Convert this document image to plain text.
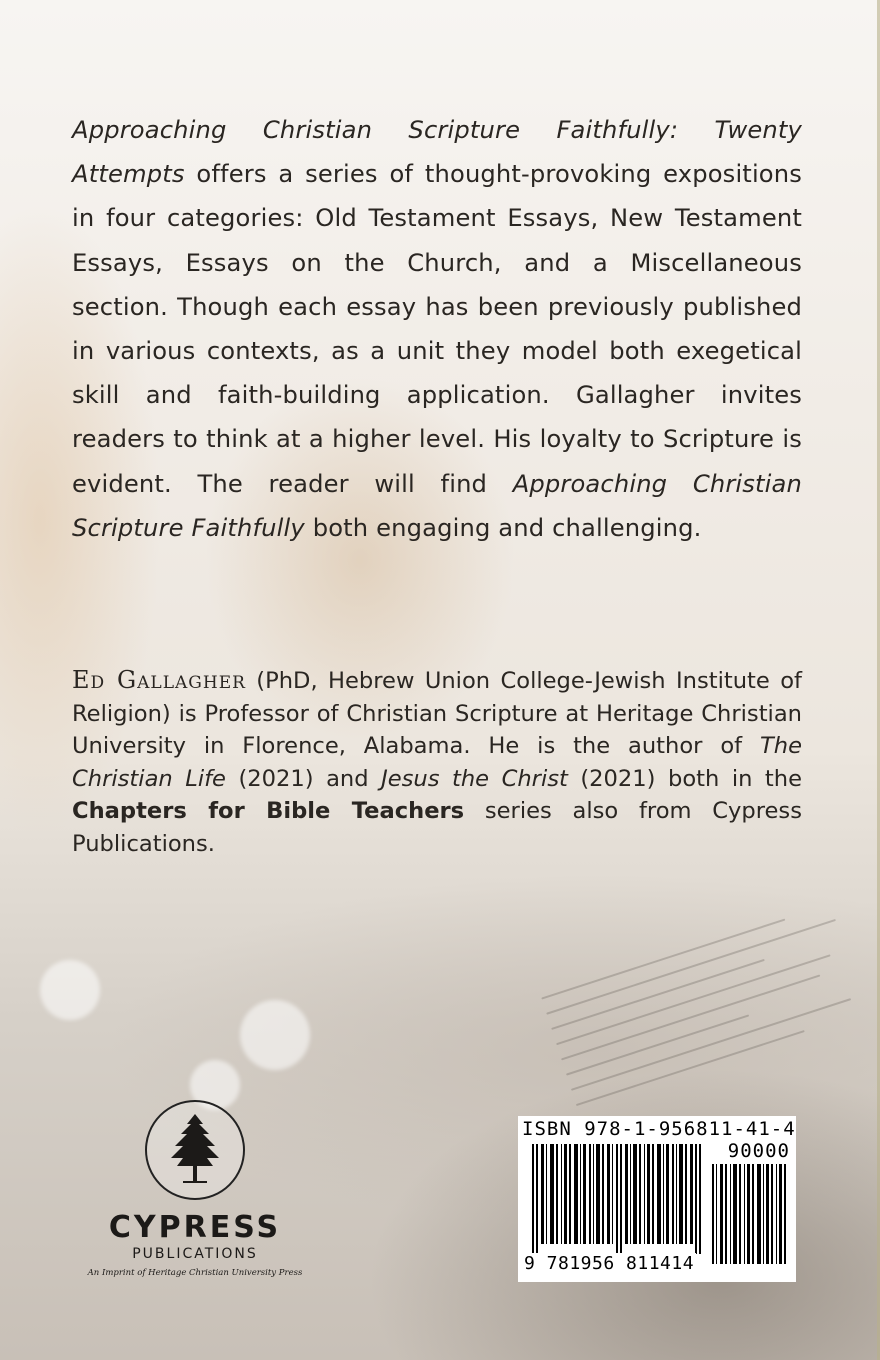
Approaching Christian Scripture Faithfully: Twenty Attempts offers a series of thought-provoking expositions in four categories: Old Testament Essays, New Testament Essays, Essays on the Church, and a Miscellaneous section. Though each essay has been previously published in various contexts, as a unit they model both exegetical skill and faith-building application. Gallagher invites readers to think at a higher level. His loyalty to Scripture is evident. The reader will find Approaching Christian Scripture Faithfully both engaging and challenging.

Ed Gallagher (PhD, Hebrew Union College-Jewish Institute of Religion) is Professor of Christian Scripture at Heritage Christian University in Florence, Alabama. He is the author of The Christian Life (2021) and Jesus the Christ (2021) both in the Chapters for Bible Teachers series also from Cypress Publications.

CYPRESS
PUBLICATIONS
An Imprint of Heritage Christian University Press
ISBN 978-1-956811-41-4
90000
9 781956 811414
